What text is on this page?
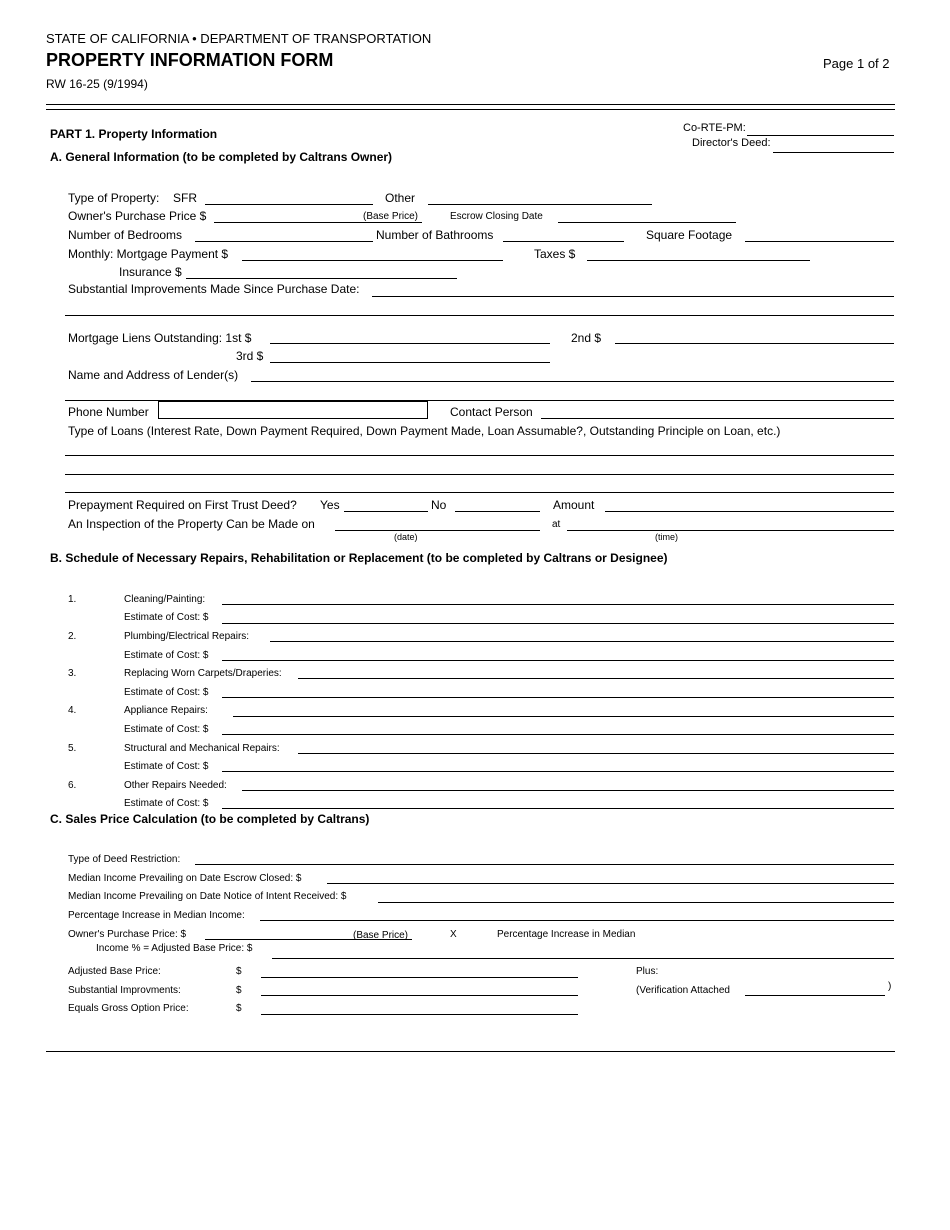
STATE OF CALIFORNIA • DEPARTMENT OF TRANSPORTATION
PROPERTY INFORMATION FORM
RW 16-25 (9/1994)
Page 1 of 2
Co-RTE-PM:
Director's Deed:
PART 1. Property Information
A. General Information (to be completed by Caltrans Owner)
Type of Property: SFR	Other
Owner's Purchase Price $	(Base Price)	Escrow Closing Date
Number of Bedrooms	Number of Bathrooms	Square Footage
Monthly: Mortgage Payment $	Taxes $
Insurance $
Substantial Improvements Made Since Purchase Date:
Mortgage Liens Outstanding: 1st $	2nd $
3rd $
Name and Address of Lender(s)
Phone Number	Contact Person
Type of Loans (Interest Rate, Down Payment Required, Down Payment Made, Loan Assumable?, Outstanding Principle on Loan, etc.)
Prepayment Required on First Trust Deed? Yes	No	Amount
An Inspection of the Property Can be Made on	at
(date)	(time)
B. Schedule of Necessary Repairs, Rehabilitation or Replacement (to be completed by Caltrans or Designee)
1.	Cleaning/Painting:
Estimate of Cost: $
2.	Plumbing/Electrical Repairs:
Estimate of Cost: $
3.	Replacing Worn Carpets/Draperies:
Estimate of Cost: $
4.	Appliance Repairs:
Estimate of Cost: $
5.	Structural and Mechanical Repairs:
Estimate of Cost: $
6.	Other Repairs Needed:
Estimate of Cost: $
C. Sales Price Calculation (to be completed by Caltrans)
Type of Deed Restriction:
Median Income Prevailing on Date Escrow Closed: $
Median Income Prevailing on Date Notice of Intent Received: $
Percentage Increase in Median Income:
Owner's Purchase Price: $	(Base Price)	X	Percentage Increase in Median
Income % = Adjusted Base Price: $
Adjusted Base Price:	$	Plus:
Substantial Improvments:	$	(Verification Attached	)
Equals Gross Option Price:	$
